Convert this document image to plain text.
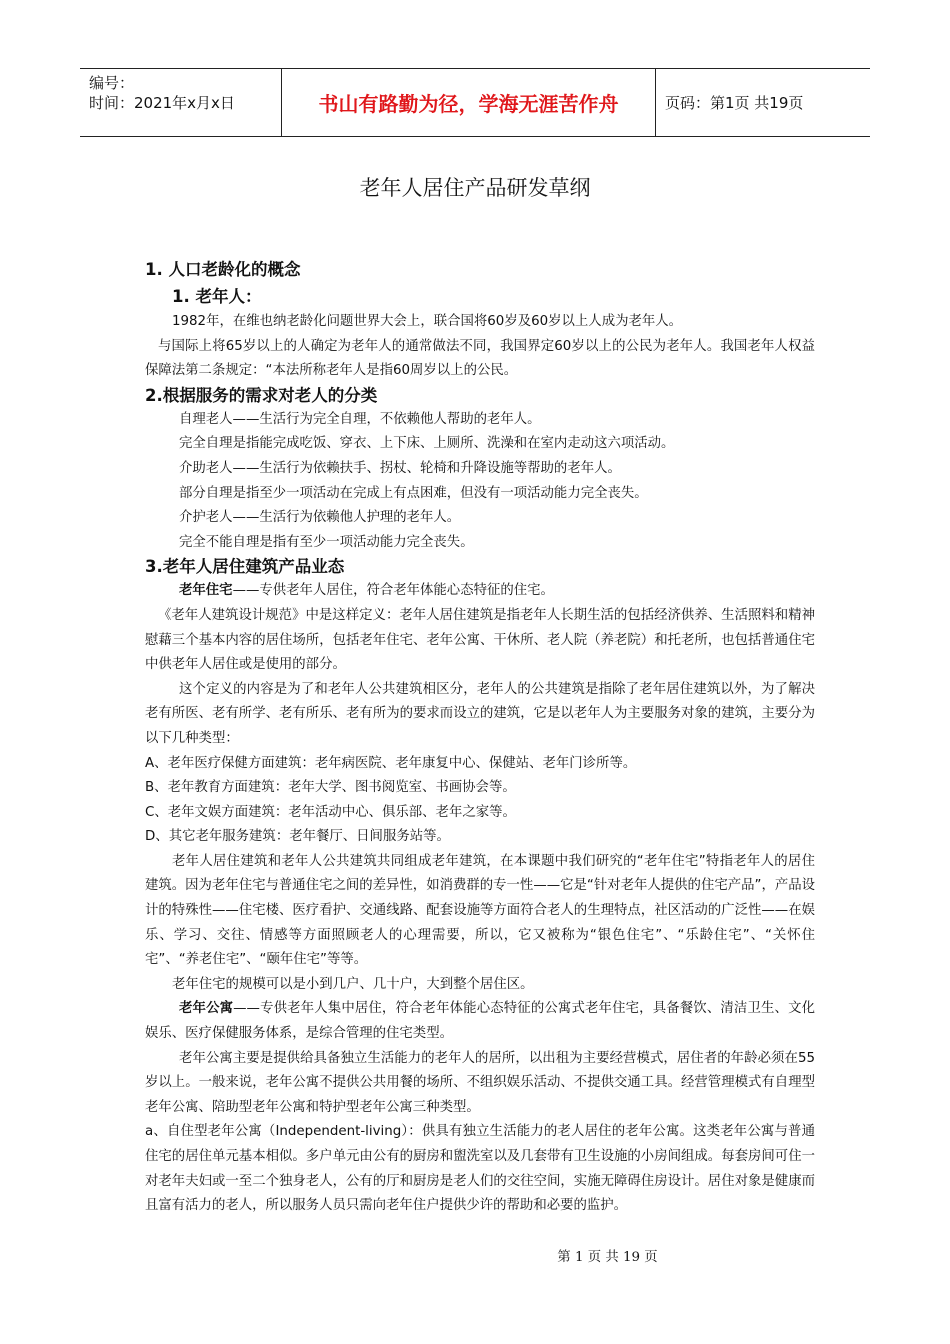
编号：
时间：2021年x月x日	书山有路勤为径，学海无涯苦作舟	页码：第1页 共19页
老年人居住产品研发草纲

1. 人口老龄化的概念

1. 老年人：

1982年，在维也纳老龄化问题世界大会上，联合国将60岁及60岁以上人成为老年人。

与国际上将65岁以上的人确定为老年人的通常做法不同，我国界定60岁以上的公民为老年人。我国老年人权益保障法第二条规定：“本法所称老年人是指60周岁以上的公民。

2.根据服务的需求对老人的分类

自理老人——生活行为完全自理，不依赖他人帮助的老年人。

完全自理是指能完成吃饭、穿衣、上下床、上厕所、洗澡和在室内走动这六项活动。

介助老人——生活行为依赖扶手、拐杖、轮椅和升降设施等帮助的老年人。

部分自理是指至少一项活动在完成上有点困难，但没有一项活动能力完全丧失。

介护老人——生活行为依赖他人护理的老年人。

完全不能自理是指有至少一项活动能力完全丧失。

3.老年人居住建筑产品业态

老年住宅——专供老年人居住，符合老年体能心态特征的住宅。

《老年人建筑设计规范》中是这样定义：老年人居住建筑是指老年人长期生活的包括经济供养、生活照料和精神慰藉三个基本内容的居住场所，包括老年住宅、老年公寓、干休所、老人院（养老院）和托老所，也包括普通住宅中供老年人居住或是使用的部分。

这个定义的内容是为了和老年人公共建筑相区分，老年人的公共建筑是指除了老年居住建筑以外，为了解决老有所医、老有所学、老有所乐、老有所为的要求而设立的建筑，它是以老年人为主要服务对象的建筑，主要分为以下几种类型：

A、老年医疗保健方面建筑：老年病医院、老年康复中心、保健站、老年门诊所等。

B、老年教育方面建筑：老年大学、图书阅览室、书画协会等。

C、老年文娱方面建筑：老年活动中心、俱乐部、老年之家等。

D、其它老年服务建筑：老年餐厅、日间服务站等。

老年人居住建筑和老年人公共建筑共同组成老年建筑，在本课题中我们研究的“老年住宅”特指老年人的居住建筑。因为老年住宅与普通住宅之间的差异性，如消费群的专一性——它是“针对老年人提供的住宅产品”，产品设计的特殊性——住宅楼、医疗看护、交通线路、配套设施等方面符合老人的生理特点，社区活动的广泛性——在娱乐、学习、交往、情感等方面照顾老人的心理需要，所以，它又被称为“银色住宅”、“乐龄住宅”、“关怀住宅”、“养老住宅”、“颐年住宅”等等。

老年住宅的规模可以是小到几户、几十户，大到整个居住区。

老年公寓——专供老年人集中居住，符合老年体能心态特征的公寓式老年住宅，具备餐饮、清洁卫生、文化娱乐、医疗保健服务体系，是综合管理的住宅类型。

老年公寓主要是提供给具备独立生活能力的老年人的居所，以出租为主要经营模式，居住者的年龄必须在55岁以上。一般来说，老年公寓不提供公共用餐的场所、不组织娱乐活动、不提供交通工具。经营管理模式有自理型老年公寓、陪助型老年公寓和特护型老年公寓三种类型。

a、自住型老年公寓（Independent-living）：供具有独立生活能力的老人居住的老年公寓。这类老年公寓与普通住宅的居住单元基本相似。多户单元由公有的厨房和盥洗室以及几套带有卫生设施的小房间组成。每套房间可住一对老年夫妇或一至二个独身老人，公有的厅和厨房是老人们的交往空间，实施无障碍住房设计。居住对象是健康而且富有活力的老人，所以服务人员只需向老年住户提供少许的帮助和必要的监护。

第 1 页 共 19 页
